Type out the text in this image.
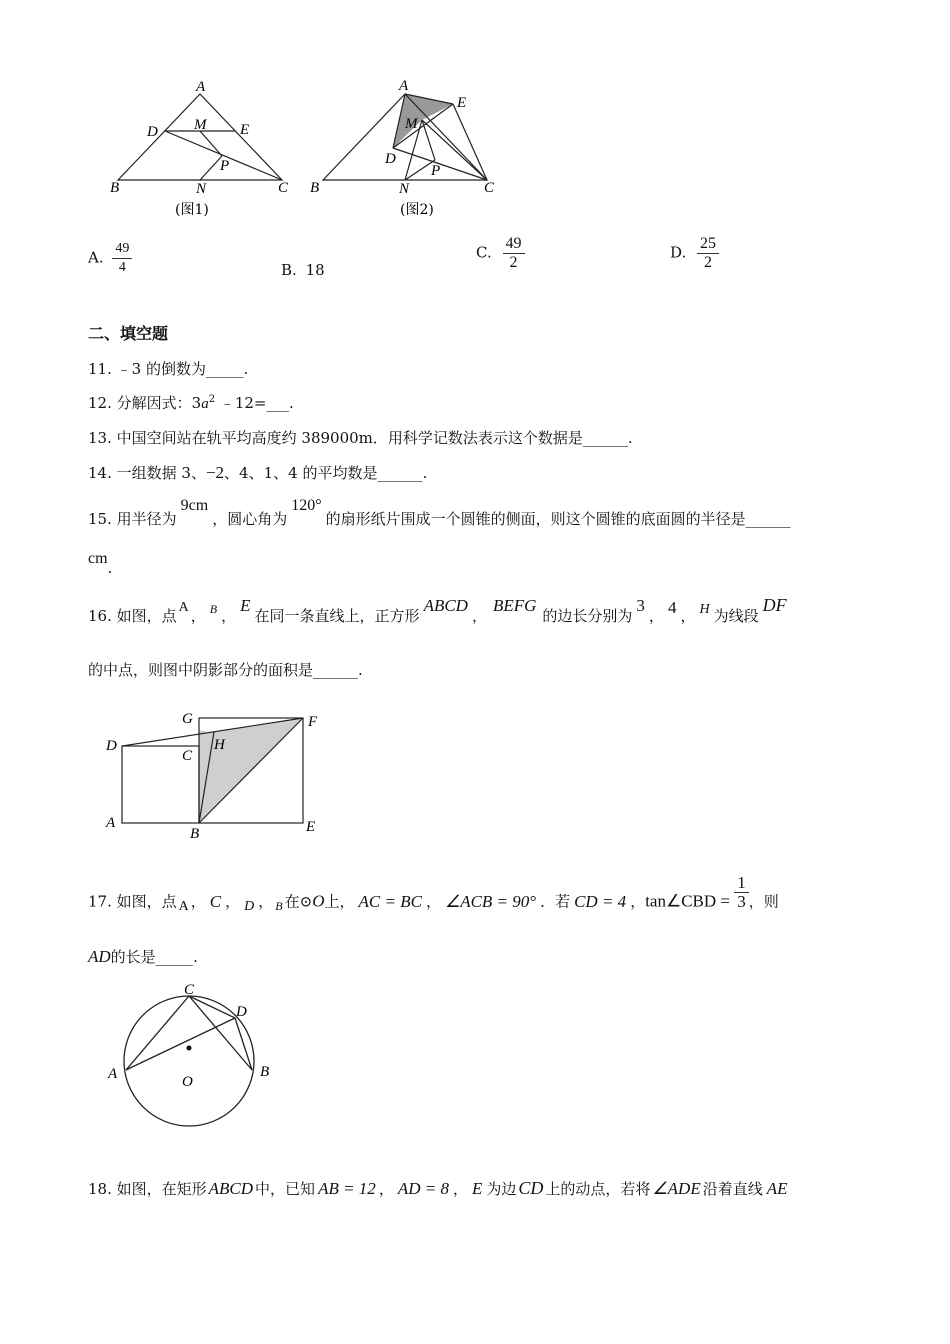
A
D M E
P
B	N	C
(图1)
A
E
M
D
P
B	N	C
(图2)
A. $\frac{49}{4}$	B. 18
C. $\frac{49}{2}$	D. $\frac{25}{2}$
二、填空题
11. ﹣3 的倒数为_____.
12. 分解因式：$3a^2$ ﹣12=___.
13. 中国空间站在轨平均高度约 389000m．用科学记数法表示这个数据是______.
14. 一组数据 3、−2、4、1、4 的平均数是______.
15. 用半径为9cm，圆心角为120°的扇形纸片围成一个圆锥的侧面，则这个圆锥的底面圆的半径是______
cm.
16. 如图，点 A ， $^B$ ，E在同一条直线上，正方形ABCD，BEFG的边长分别为3， 4 ， H 为线段DF
的中点，则图中阴影部分的面积是______.
G	F
D	H
C
A
B	E
17. 如图，点 A ， C ， D ， $_B$ 在⊙O上， AC = BC ， ∠ACB = 90° ．若 CD = 4 ，tan∠CBD = $\frac{1}{3}$ ，则
AD的长是_____.
C
D
A	O
B
18. 如图，在矩形 ABCD 中，已知 AB = 12 ， AD = 8 ， E 为边 CD 上的动点，若将 ∠ADE 沿着直线 AE
